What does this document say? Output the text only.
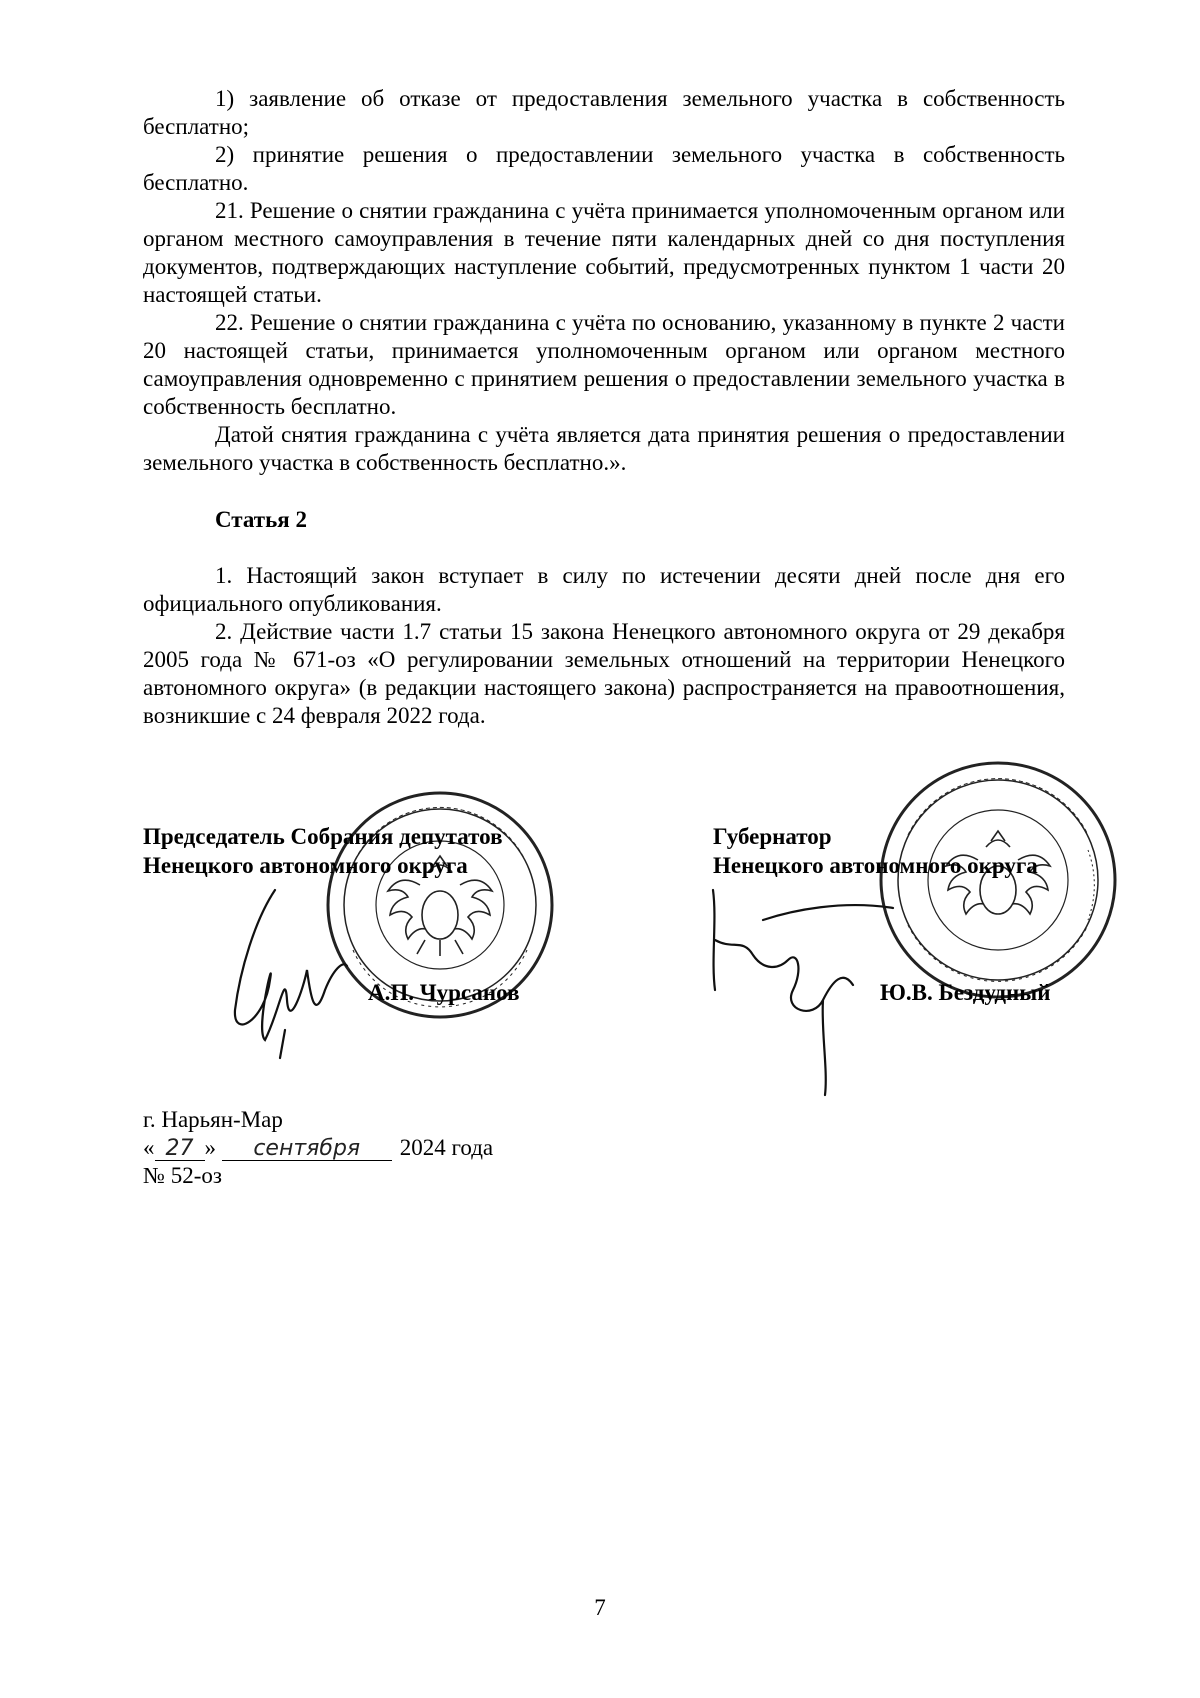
1) заявление об отказе от предоставления земельного участка в собственность бесплатно;

2) принятие решения о предоставлении земельного участка в собственность бесплатно.

21. Решение о снятии гражданина с учёта принимается уполномоченным органом или органом местного самоуправления в течение пяти календарных дней со дня поступления документов, подтверждающих наступление событий, предусмотренных пунктом 1 части 20 настоящей статьи.

22. Решение о снятии гражданина с учёта по основанию, указанному в пункте 2 части 20 настоящей статьи, принимается уполномоченным органом или органом местного самоуправления одновременно с принятием решения о предоставлении земельного участка в собственность бесплатно.

Датой снятия гражданина с учёта является дата принятия решения о предоставлении земельного участка в собственность бесплатно.».

Статья 2

1. Настоящий закон вступает в силу по истечении десяти дней после дня его официального опубликования.

2. Действие части 1.7 статьи 15 закона Ненецкого автономного округа от 29 декабря 2005 года № 671-оз «О регулировании земельных отношений на территории Ненецкого автономного округа» (в редакции настоящего закона) распространяется на правоотношения, возникшие с 24 февраля 2022 года.

Председатель Собрания депутатов
Ненецкого автономного округа
А.П. Чурсанов
Губернатор
Ненецкого автономного округа
Ю.В. Бездудный
г. Нарьян-Мар
« 27 » сентября 2024 года
№ 52-оз
7
